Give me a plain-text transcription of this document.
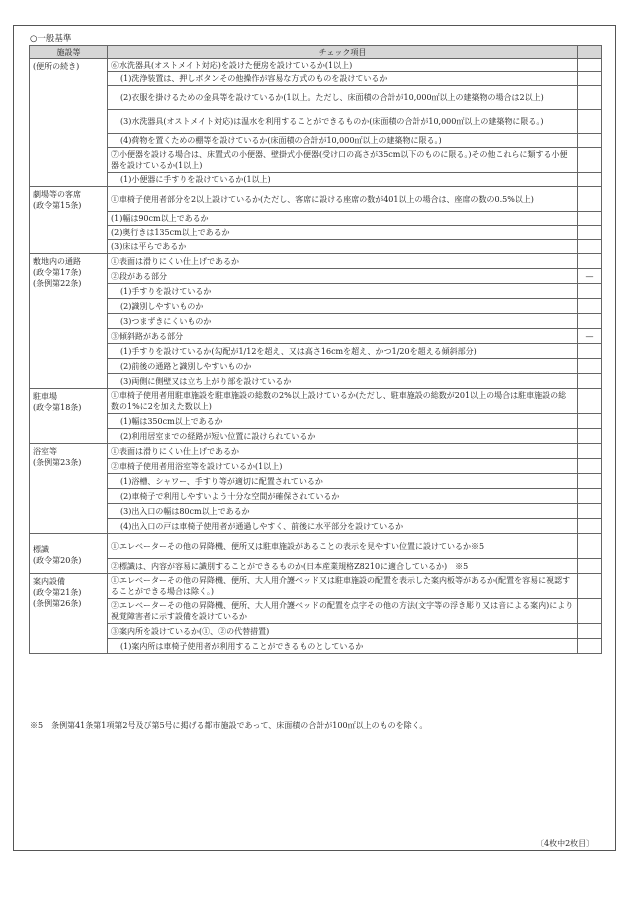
○一般基準
施設等	チェック項目	

(便所の続き)	⑥水洗器具(オストメイト対応)を設けた便房を設けているか(1以上)	
	(1)洗浄装置は、押しボタンその他操作が容易な方式のものを設けているか	
	(2)衣服を掛けるための金具等を設けているか(1以上。ただし、床面積の合計が10,000㎡以上の建築物の場合は2以上)	
	(3)水洗器具(オストメイト対応)は温水を利用することができるものか(床面積の合計が10,000㎡以上の建築物に限る。)	
	(4)荷物を置くための棚等を設けているか(床面積の合計が10,000㎡以上の建築物に限る。)	
	⑦小便器を設ける場合は、床置式の小便器、壁掛式小便器(受け口の高さが35cm以下のものに限る。)その他これらに類する小便器を設けているか(1以上)	
	(1)小便器に手すりを設けているか(1以上)	

劇場等の客席
(政令第15条)	①車椅子使用者部分を2以上設けているか(ただし、客席に設ける座席の数が401以上の場合は、座席の数の0.5%以上)	
	(1)幅は90cm以上であるか	
	(2)奥行きは135cm以上であるか	
	(3)床は平らであるか	

敷地内の通路
(政令第17条)
(条例第22条)	①表面は滑りにくい仕上げであるか	
	②段がある部分	—
	(1)手すりを設けているか	
	(2)識別しやすいものか	
	(3)つまずきにくいものか	
	③傾斜路がある部分	—
	(1)手すりを設けているか(勾配が1/12を超え、又は高さ16cmを超え、かつ1/20を超える傾斜部分)	
	(2)前後の通路と識別しやすいものか	
	(3)両側に側壁又は立ち上がり部を設けているか	

駐車場
(政令第18条)	①車椅子使用者用駐車施設を駐車施設の総数の2%以上設けているか(ただし、駐車施設の総数が201以上の場合は駐車施設の総数の1%に2を加えた数以上)	
	(1)幅は350cm以上であるか	
	(2)利用居室までの経路が短い位置に設けられているか	

浴室等
(条例第23条)	①表面は滑りにくい仕上げであるか	
	②車椅子使用者用浴室等を設けているか(1以上)	
	(1)浴槽、シャワー、手すり等が適切に配置されているか	
	(2)車椅子で利用しやすいよう十分な空間が確保されているか	
	(3)出入口の幅は80cm以上であるか	
	(4)出入口の戸は車椅子使用者が通過しやすく、前後に水平部分を設けているか	

標識
(政令第20条)	①エレベーターその他の昇降機、便所又は駐車施設があることの表示を見やすい位置に設けているか※5	
	②標識は、内容が容易に識別することができるものか(日本産業規格Z8210に適合しているか)　※5	

案内設備
(政令第21条)
(条例第26条)	①エレベーターその他の昇降機、便所、大人用介護ベッド又は駐車施設の配置を表示した案内板等があるか(配置を容易に視認することができる場合は除く。)	
	②エレベーターその他の昇降機、便所、大人用介護ベッドの配置を点字その他の方法(文字等の浮き彫り又は音による案内)により視覚障害者に示す設備を設けているか	
	③案内所を設けているか(①、②の代替措置)	
	(1)案内所は車椅子使用者が利用することができるものとしているか	
※5　条例第41条第1項第2号及び第5号に掲げる都市施設であって、床面積の合計が100㎡以上のものを除く。
〔4枚中2枚目〕
